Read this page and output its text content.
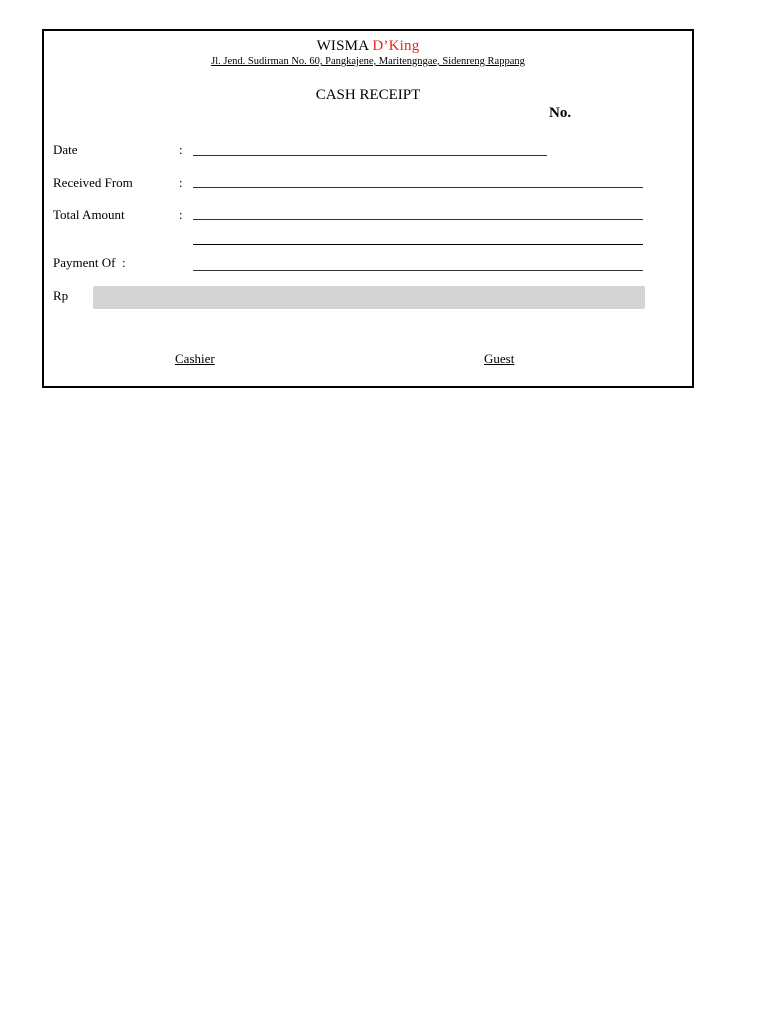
WISMA D’King
Jl. Jend. Sudirman No. 60, Pangkajene, Maritengngae, Sidenreng Rappang
CASH RECEIPT
No.
Date	:
Received From	:
Total Amount	:
Payment Of :
Rp
Cashier	Guest
